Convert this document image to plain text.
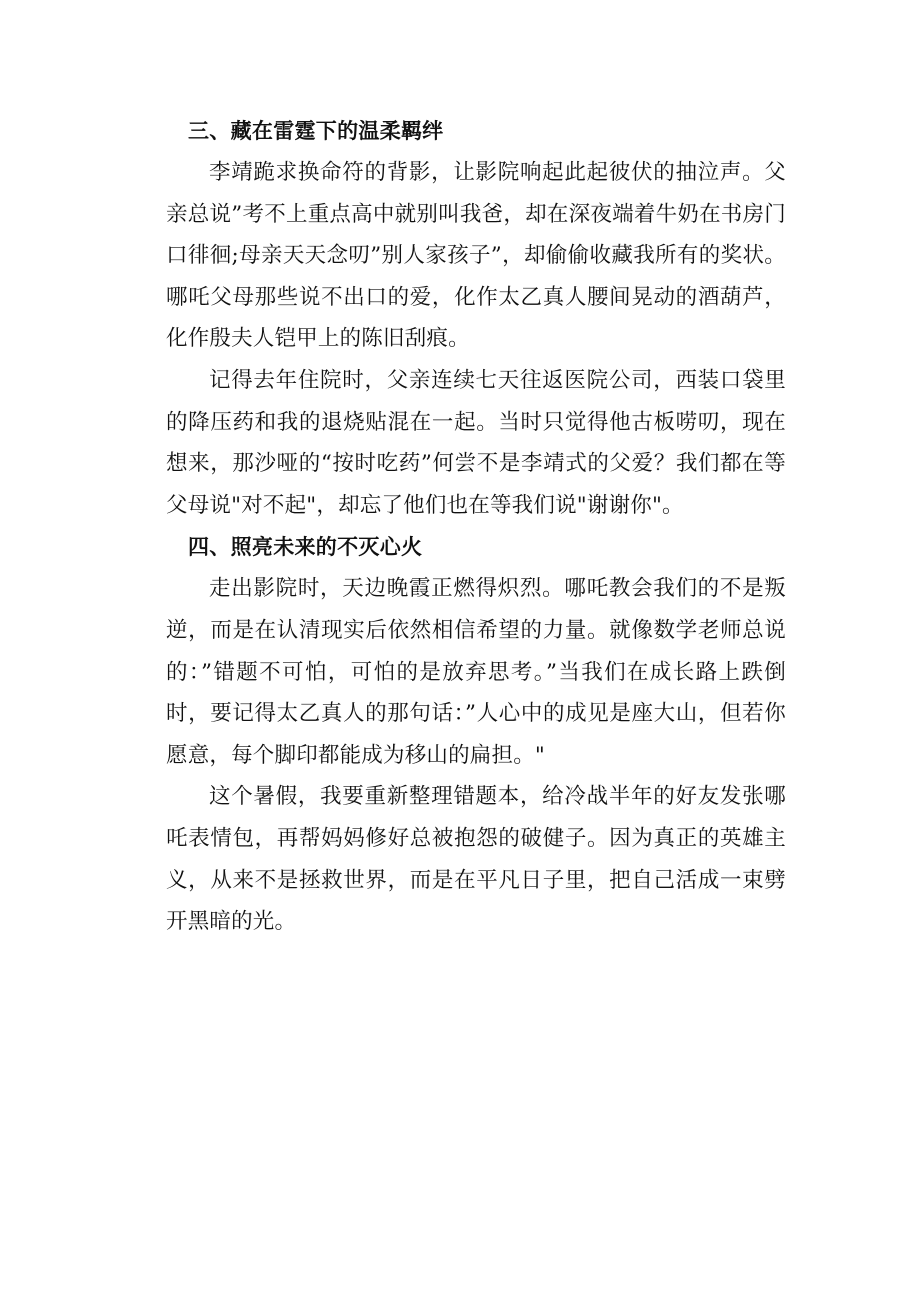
三、藏在雷霆下的温柔羁绊

李靖跪求换命符的背影，让影院响起此起彼伏的抽泣声。父亲总说”考不上重点高中就别叫我爸，却在深夜端着牛奶在书房门口徘徊;母亲天天念叨”别人家孩子”，却偷偷收藏我所有的奖状。哪吒父母那些说不出口的爱，化作太乙真人腰间晃动的酒葫芦，化作殷夫人铠甲上的陈旧刮痕。

记得去年住院时，父亲连续七天往返医院公司，西装口袋里的降压药和我的退烧贴混在一起。当时只觉得他古板唠叨，现在想来，那沙哑的“按时吃药”何尝不是李靖式的父爱？我们都在等父母说"对不起"，却忘了他们也在等我们说"谢谢你"。

四、照亮未来的不灭心火

走出影院时，天边晚霞正燃得炽烈。哪吒教会我们的不是叛逆，而是在认清现实后依然相信希望的力量。就像数学老师总说的：”错题不可怕，可怕的是放弃思考。”当我们在成长路上跌倒时，要记得太乙真人的那句话：”人心中的成见是座大山，但若你愿意，每个脚印都能成为移山的扁担。"

这个暑假，我要重新整理错题本，给冷战半年的好友发张哪吒表情包，再帮妈妈修好总被抱怨的破健子。因为真正的英雄主义，从来不是拯救世界，而是在平凡日子里，把自己活成一束劈开黑暗的光。
